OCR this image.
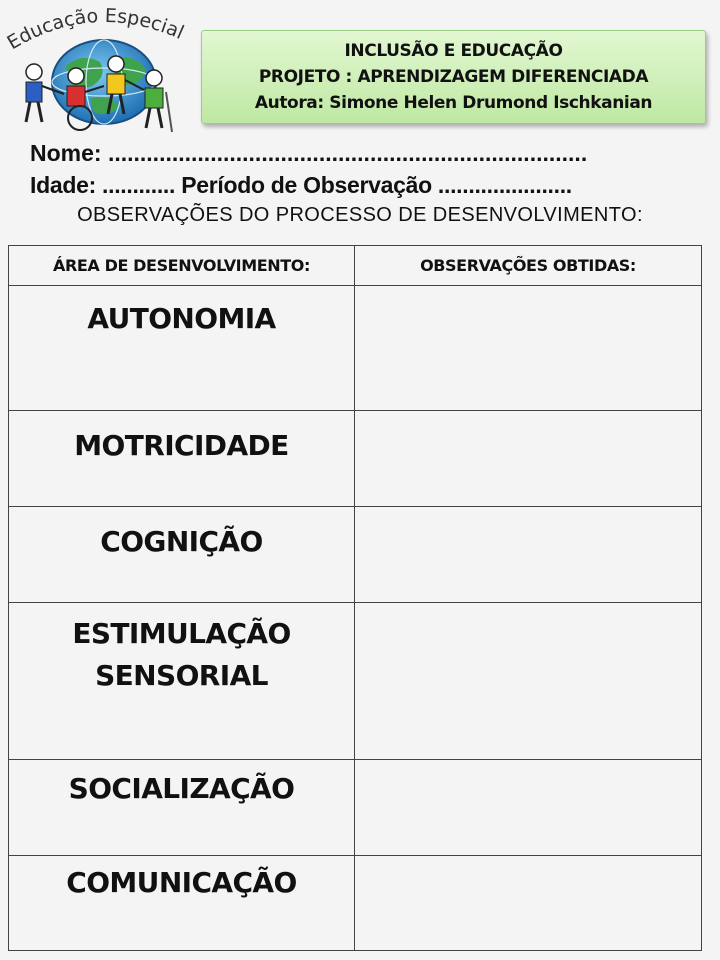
Educação Especial
INCLUSÃO E EDUCAÇÃO
PROJETO : APRENDIZAGEM DIFERENCIADA
Autora: Simone Helen Drumond Ischkanian
Nome: ...........................................................................
Idade: ............ Período de Observação ......................
OBSERVAÇÕES DO PROCESSO DE DESENVOLVIMENTO:
ÁREA DE DESENVOLVIMENTO:	OBSERVAÇÕES OBTIDAS:

AUTONOMIA	

MOTRICIDADE	

COGNIÇÃO	

ESTIMULAÇÃO
SENSORIAL	

SOCIALIZAÇÃO	

COMUNICAÇÃO	
